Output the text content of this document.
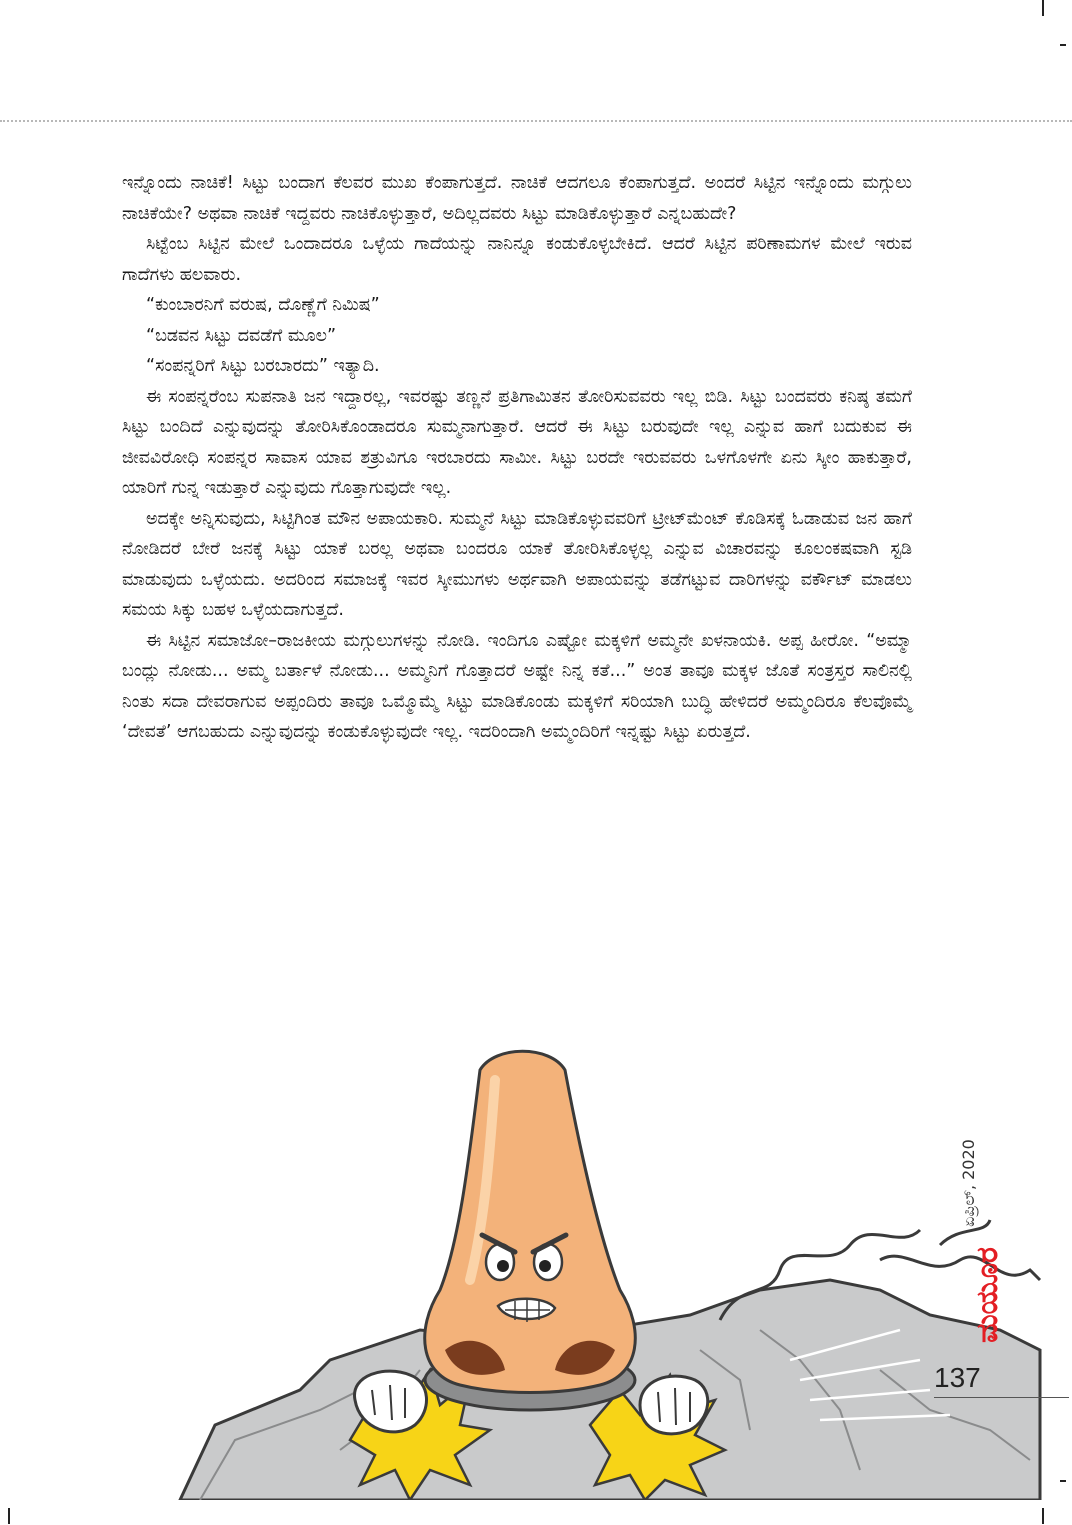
ಇನ್ನೊಂದು ನಾಚಿಕೆ! ಸಿಟ್ಟು ಬಂದಾಗ ಕೆಲವರ ಮುಖ ಕೆಂಪಾಗುತ್ತದೆ. ನಾಚಿಕೆ ಆದಗಲೂ ಕೆಂಪಾಗುತ್ತದೆ. ಅಂದರೆ ಸಿಟ್ಟಿನ ಇನ್ನೊಂದು ಮಗ್ಗುಲು ನಾಚಿಕೆಯೇ? ಅಥವಾ ನಾಚಿಕೆ ಇದ್ದವರು ನಾಚಿಕೊಳ್ಳುತ್ತಾರೆ, ಅದಿಲ್ಲದವರು ಸಿಟ್ಟು ಮಾಡಿಕೊಳ್ಳುತ್ತಾರೆ ಎನ್ನಬಹುದೇ?

ಸಿಟ್ಟೆಂಬ ಸಿಟ್ಟಿನ ಮೇಲೆ ಒಂದಾದರೂ ಒಳ್ಳೆಯ ಗಾದೆಯನ್ನು ನಾನಿನ್ನೂ ಕಂಡುಕೊಳ್ಳಬೇಕಿದೆ. ಆದರೆ ಸಿಟ್ಟಿನ ಪರಿಣಾಮಗಳ ಮೇಲೆ ಇರುವ ಗಾದೆಗಳು ಹಲವಾರು.

“ಕುಂಬಾರನಿಗೆ ವರುಷ, ದೊಣ್ಣೆಗೆ ನಿಮಿಷ”

“ಬಡವನ ಸಿಟ್ಟು ದವಡೆಗೆ ಮೂಲ”

“ಸಂಪನ್ನರಿಗೆ ಸಿಟ್ಟು ಬರಬಾರದು” ಇತ್ಯಾದಿ.

ಈ ಸಂಪನ್ನರೆಂಬ ಸುಪನಾತಿ ಜನ ಇದ್ದಾರಲ್ಲ, ಇವರಷ್ಟು ತಣ್ಣನೆ ಪ್ರತಿಗಾಮಿತನ ತೋರಿಸುವವರು ಇಲ್ಲ ಬಿಡಿ. ಸಿಟ್ಟು ಬಂದವರು ಕನಿಷ್ಠ ತಮಗೆ ಸಿಟ್ಟು ಬಂದಿದೆ ಎನ್ನುವುದನ್ನು ತೋರಿಸಿಕೊಂಡಾದರೂ ಸುಮ್ಮನಾಗುತ್ತಾರೆ. ಆದರೆ ಈ ಸಿಟ್ಟು ಬರುವುದೇ ಇಲ್ಲ ಎನ್ನುವ ಹಾಗೆ ಬದುಕುವ ಈ ಜೀವವಿರೋಧಿ ಸಂಪನ್ನರ ಸಾವಾಸ ಯಾವ ಶತ್ರುವಿಗೂ ಇರಬಾರದು ಸಾಮೀ. ಸಿಟ್ಟು ಬರದೇ ಇರುವವರು ಒಳಗೊಳಗೇ ಏನು ಸ್ಕೀಂ ಹಾಕುತ್ತಾರೆ, ಯಾರಿಗೆ ಗುನ್ನ ಇಡುತ್ತಾರೆ ಎನ್ನುವುದು ಗೊತ್ತಾಗುವುದೇ ಇಲ್ಲ.

ಅದಕ್ಕೇ ಅನ್ನಿಸುವುದು, ಸಿಟ್ಟಿಗಿಂತ ಮೌನ ಅಪಾಯಕಾರಿ. ಸುಮ್ಮನೆ ಸಿಟ್ಟು ಮಾಡಿಕೊಳ್ಳುವವರಿಗೆ ಟ್ರೀಟ್‌ಮೆಂಟ್ ಕೊಡಿಸಕ್ಕೆ ಓಡಾಡುವ ಜನ ಹಾಗೆ ನೋಡಿದರೆ ಬೇರೆ ಜನಕ್ಕೆ ಸಿಟ್ಟು ಯಾಕೆ ಬರಲ್ಲ ಅಥವಾ ಬಂದರೂ ಯಾಕೆ ತೋರಿಸಿಕೊಳ್ಳಲ್ಲ ಎನ್ನುವ ವಿಚಾರವನ್ನು ಕೂಲಂಕಷವಾಗಿ ಸ್ಟಡಿ ಮಾಡುವುದು ಒಳ್ಳೆಯದು. ಅದರಿಂದ ಸಮಾಜಕ್ಕೆ ಇವರ ಸ್ಕೀಮುಗಳು ಅರ್ಥವಾಗಿ ಅಪಾಯವನ್ನು ತಡೆಗಟ್ಟುವ ದಾರಿಗಳನ್ನು ವರ್ಕೌಟ್ ಮಾಡಲು ಸಮಯ ಸಿಕ್ಕು ಬಹಳ ಒಳ್ಳೆಯದಾಗುತ್ತದೆ.

ಈ ಸಿಟ್ಟಿನ ಸಮಾಜೋ–ರಾಜಕೀಯ ಮಗ್ಗುಲುಗಳನ್ನು ನೋಡಿ. ಇಂದಿಗೂ ಎಷ್ಟೋ ಮಕ್ಕಳಿಗೆ ಅಮ್ಮನೇ ಖಳನಾಯಕಿ. ಅಪ್ಪ ಹೀರೋ. “ಅಮ್ಮಾ ಬಂದ್ಲು ನೋಡು... ಅಮ್ಮ ಬರ್ತಾಳೆ ನೋಡು... ಅಮ್ಮನಿಗೆ ಗೊತ್ತಾದರೆ ಅಷ್ಟೇ ನಿನ್ನ ಕತೆ...” ಅಂತ ತಾವೂ ಮಕ್ಕಳ ಜೊತೆ ಸಂತ್ರಸ್ತರ ಸಾಲಿನಲ್ಲಿ ನಿಂತು ಸದಾ ದೇವರಾಗುವ ಅಪ್ಪಂದಿರು ತಾವೂ ಒಮ್ಮೊಮ್ಮೆ ಸಿಟ್ಟು ಮಾಡಿಕೊಂಡು ಮಕ್ಕಳಿಗೆ ಸರಿಯಾಗಿ ಬುದ್ಧಿ ಹೇಳಿದರೆ ಅಮ್ಮಂದಿರೂ ಕೆಲವೊಮ್ಮೆ ‘ದೇವತೆ’ ಆಗಬಹುದು ಎನ್ನುವುದನ್ನು ಕಂಡುಕೊಳ್ಳುವುದೇ ಇಲ್ಲ. ಇದರಿಂದಾಗಿ ಅಮ್ಮಂದಿರಿಗೆ ಇನ್ನಷ್ಟು ಸಿಟ್ಟು ಏರುತ್ತದೆ.

ಏಪ್ರಿಲ್, 2020
ಮಯೂರ
137
